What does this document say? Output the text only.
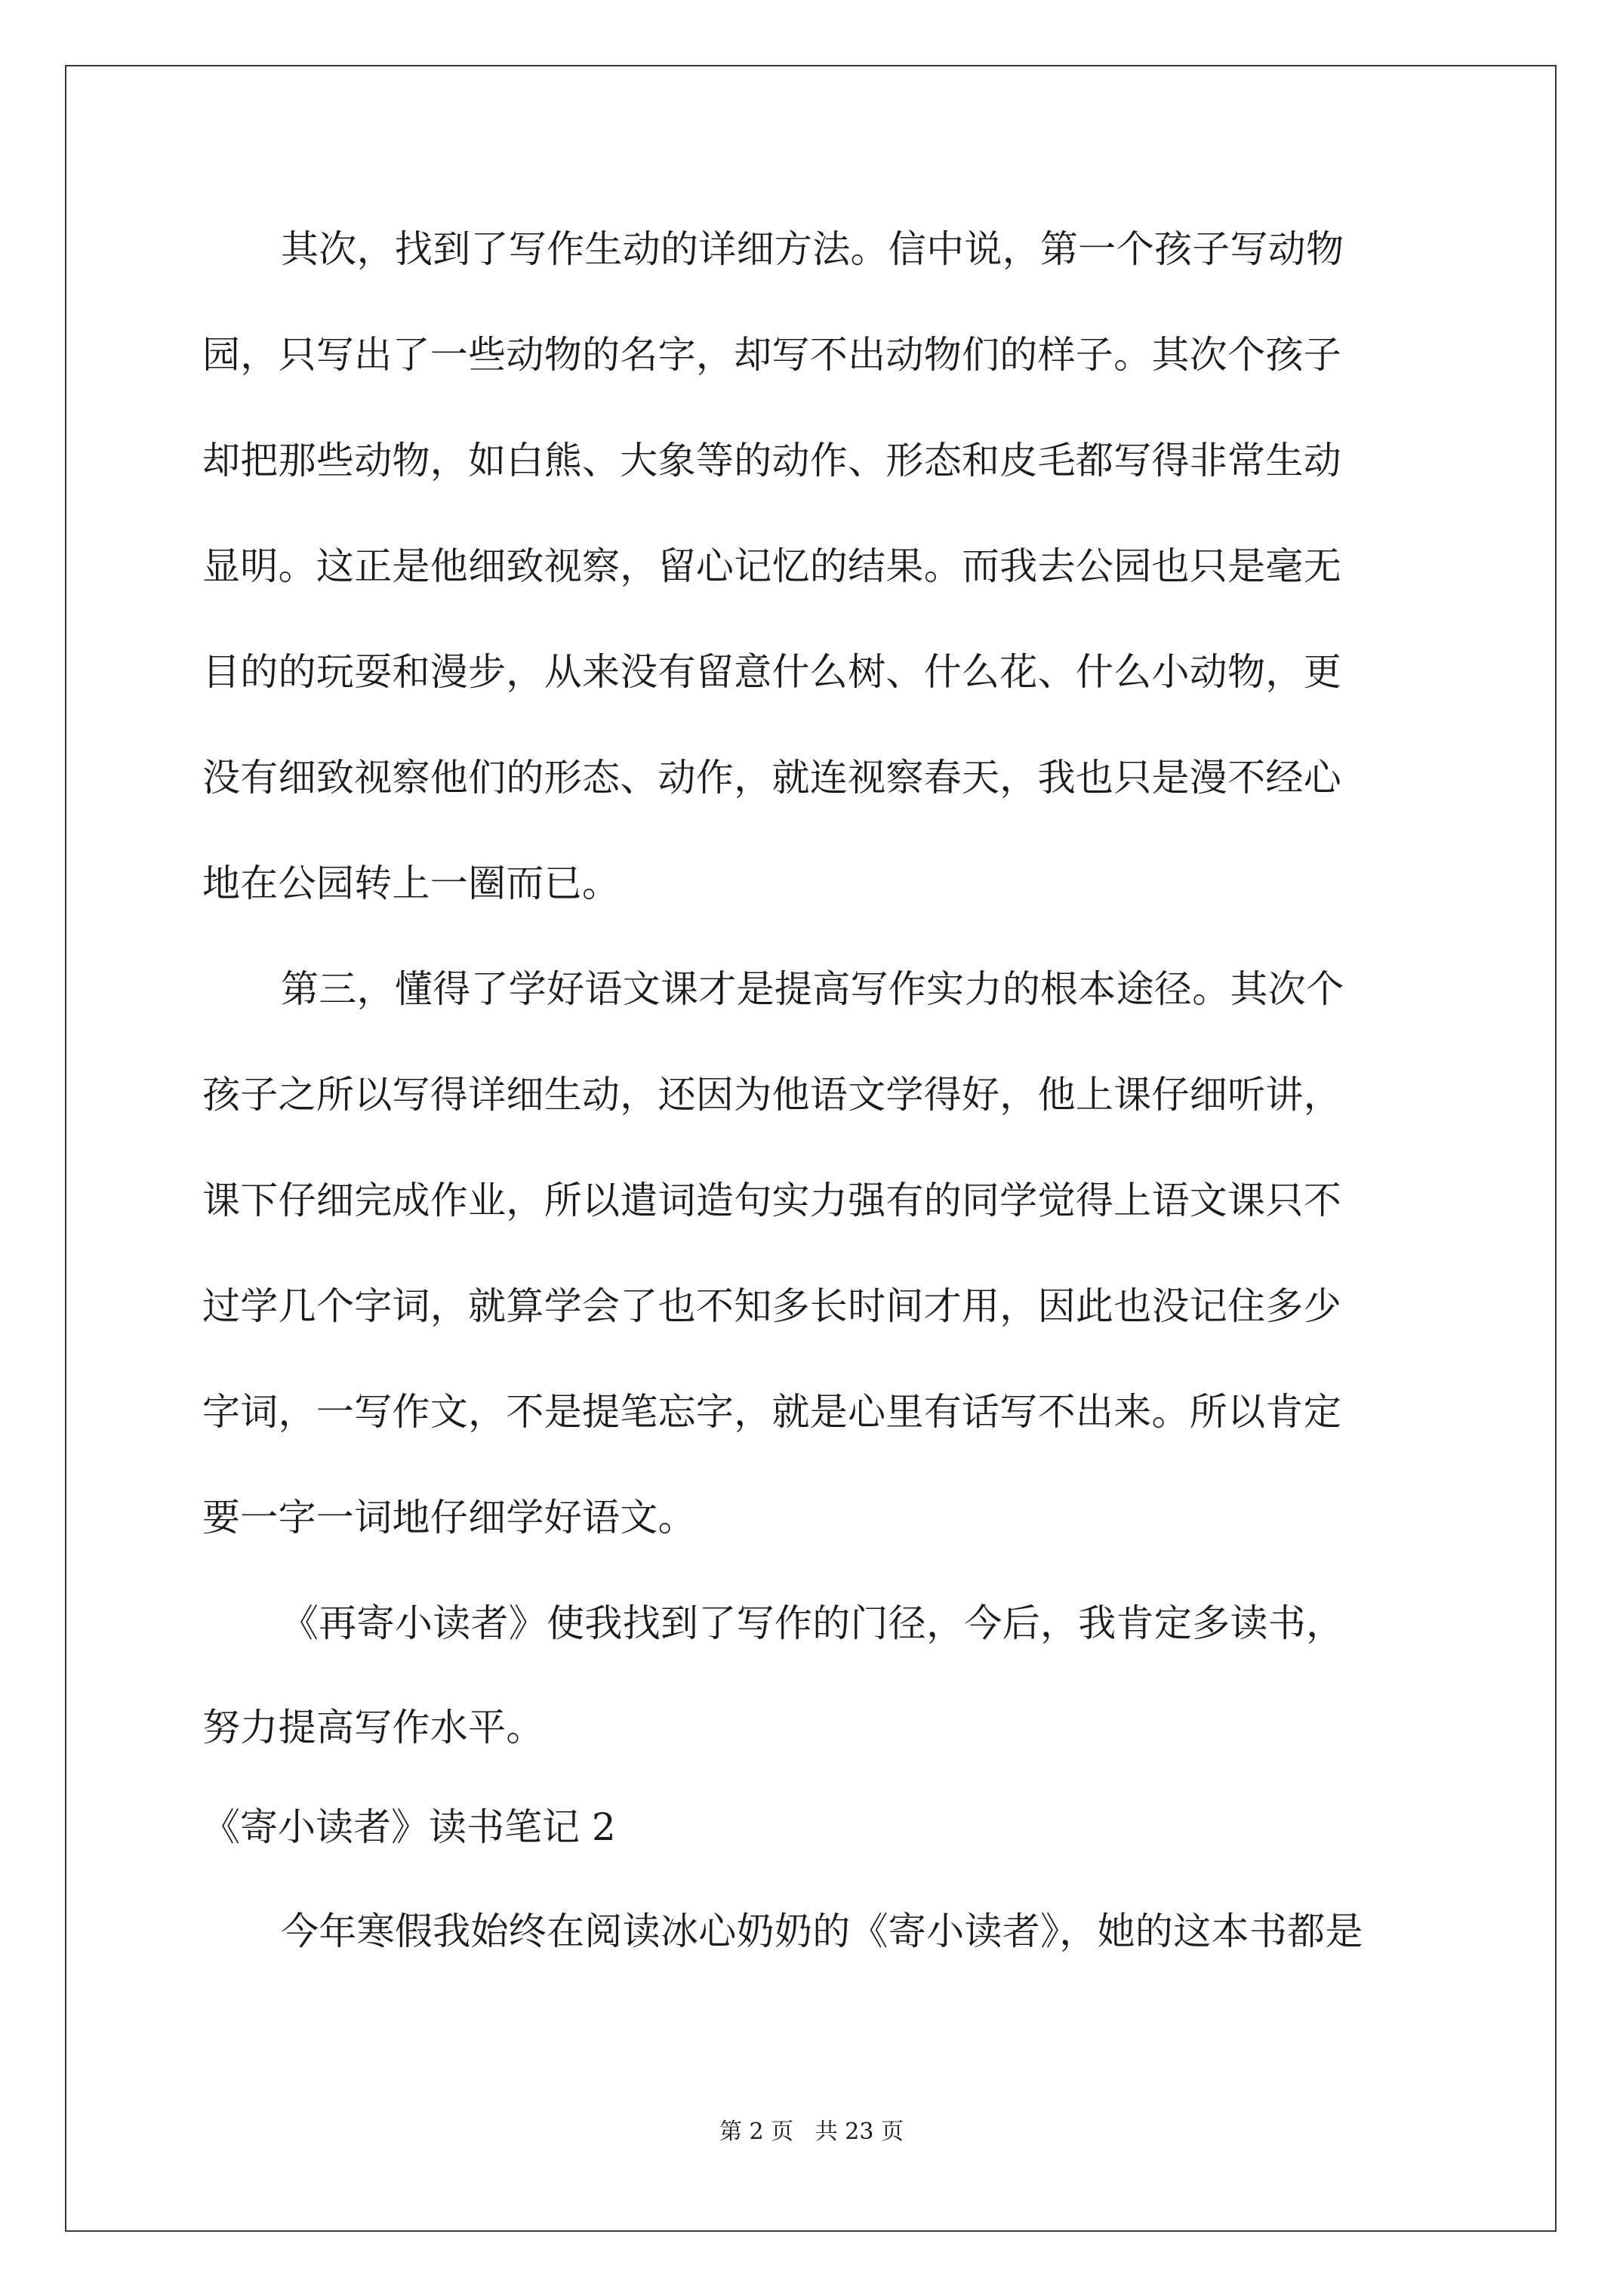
其次，找到了写作生动的详细方法。信中说，第一个孩子写动物
园，只写出了一些动物的名字，却写不出动物们的样子。其次个孩子
却把那些动物，如白熊、大象等的动作、形态和皮毛都写得非常生动
显明。这正是他细致视察，留心记忆的结果。而我去公园也只是毫无
目的的玩耍和漫步，从来没有留意什么树、什么花、什么小动物，更
没有细致视察他们的形态、动作，就连视察春天，我也只是漫不经心
地在公园转上一圈而已。
第三，懂得了学好语文课才是提高写作实力的根本途径。其次个
孩子之所以写得详细生动，还因为他语文学得好，他上课仔细听讲，
课下仔细完成作业，所以遣词造句实力强有的同学觉得上语文课只不
过学几个字词，就算学会了也不知多长时间才用，因此也没记住多少
字词，一写作文，不是提笔忘字，就是心里有话写不出来。所以肯定
要一字一词地仔细学好语文。
《再寄小读者》使我找到了写作的门径，今后，我肯定多读书，
努力提高写作水平。
《寄小读者》读书笔记 2
今年寒假我始终在阅读冰心奶奶的《寄小读者》，她的这本书都是
第 2 页   共 23 页
